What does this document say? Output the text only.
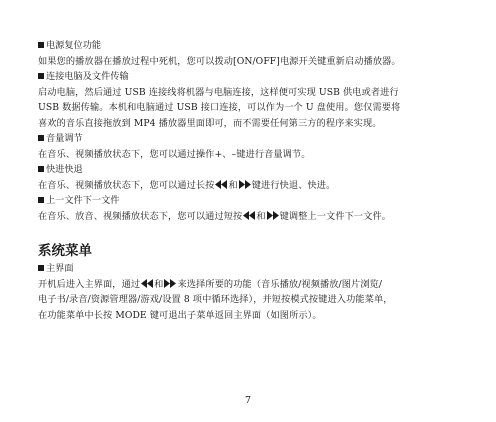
电源复位功能
如果您的播放器在播放过程中死机，您可以拨动[ON/OFF]电源开关键重新启动播放器。
连接电脑及文件传输
启动电脑，然后通过 USB 连接线将机器与电脑连接，这样便可实现 USB 供电或者进行
USB 数据传输。本机和电脑通过 USB 接口连接，可以作为一个 U 盘使用。您仅需要将
喜欢的音乐直接拖放到 MP4 播放器里面即可，而不需要任何第三方的程序来实现。
音量调节
在音乐、视频播放状态下，您可以通过操作+、–键进行音量调节。
快进快退
在音乐、视频播放状态下，您可以通过长按 和 键进行快退、快进。
上一文件下一文件
在音乐、放音、视频播放状态下，您可以通过短按 和 键调整上一文件下一文件。
系统菜单
主界面
开机后进入主界面，通过 和 来选择所要的功能（音乐播放/视频播放/图片浏览/
电子书/录音/资源管理器/游戏/设置 8 项中循环选择），并短按模式按键进入功能菜单，
在功能菜单中长按 MODE 键可退出子菜单返回主界面（如图所示）。
7
